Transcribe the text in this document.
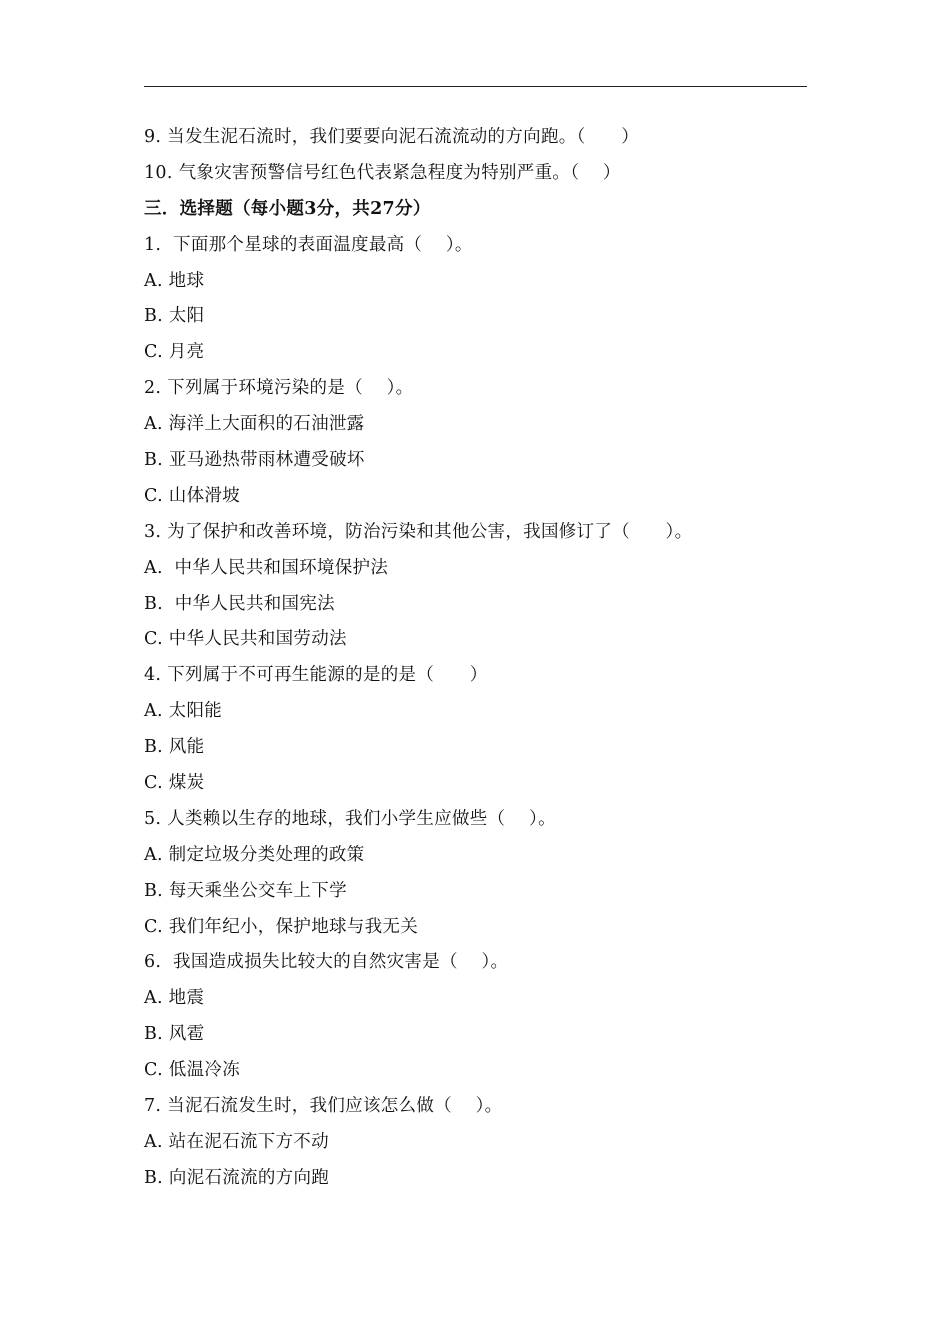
9. 当发生泥石流时，我们要要向泥石流流动的方向跑。（　　）
10. 气象灾害预警信号红色代表紧急程度为特别严重。（　 ）
三．选择题（每小题3分，共27分）
1.  下面那个星球的表面温度最高（　 ）。
A. 地球
B. 太阳
C. 月亮
2. 下列属于环境污染的是（　 ）。
A. 海洋上大面积的石油泄露
B. 亚马逊热带雨林遭受破坏
C. 山体滑坡
3. 为了保护和改善环境，防治污染和其他公害，我国修订了（　　）。
A.  中华人民共和国环境保护法
B.  中华人民共和国宪法
C. 中华人民共和国劳动法
4. 下列属于不可再生能源的是的是（　　）
A. 太阳能
B. 风能
C. 煤炭
5. 人类赖以生存的地球，我们小学生应做些（　 ）。
A. 制定垃圾分类处理的政策
B. 每天乘坐公交车上下学
C. 我们年纪小，保护地球与我无关
6.  我国造成损失比较大的自然灾害是（　 ）。
A. 地震
B. 风雹
C. 低温冷冻
7. 当泥石流发生时，我们应该怎么做（　 ）。
A. 站在泥石流下方不动
B. 向泥石流流的方向跑
